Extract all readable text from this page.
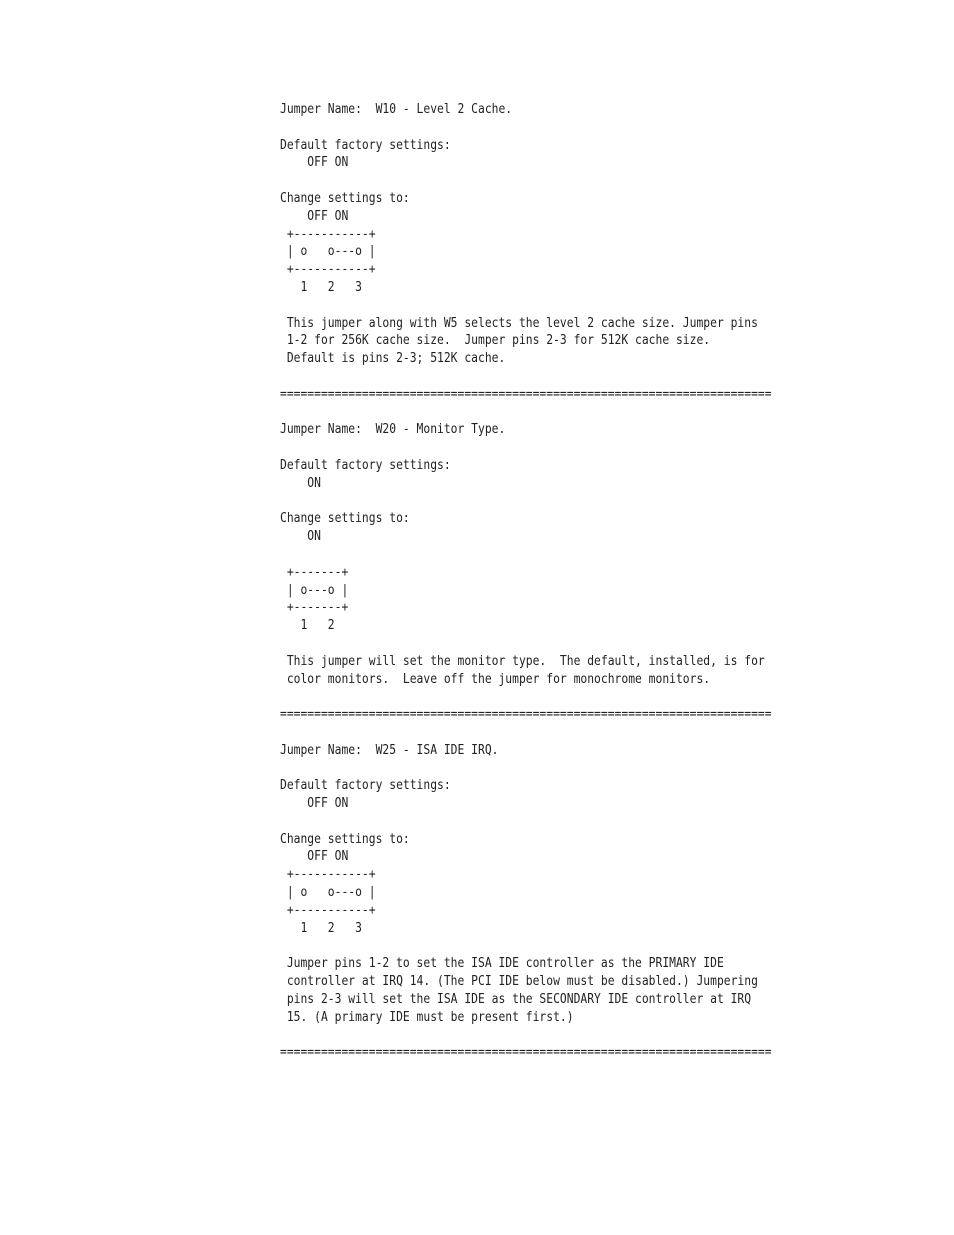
Jumper Name:  W10 - Level 2 Cache.
Default factory settings:
OFF ON
Change settings to:
OFF ON
+-----------+
| o   o---o |
+-----------+
1   2   3
This jumper along with W5 selects the level 2 cache size. Jumper pins
1-2 for 256K cache size.  Jumper pins 2-3 for 512K cache size.
Default is pins 2-3; 512K cache.
========================================================================
Jumper Name:  W20 - Monitor Type.
Default factory settings:
ON
Change settings to:
ON
+-------+
| o---o |
+-------+
1   2
This jumper will set the monitor type.  The default, installed, is for
color monitors.  Leave off the jumper for monochrome monitors.
========================================================================
Jumper Name:  W25 - ISA IDE IRQ.
Default factory settings:
OFF ON
Change settings to:
OFF ON
+-----------+
| o   o---o |
+-----------+
1   2   3
Jumper pins 1-2 to set the ISA IDE controller as the PRIMARY IDE
controller at IRQ 14. (The PCI IDE below must be disabled.) Jumpering
pins 2-3 will set the ISA IDE as the SECONDARY IDE controller at IRQ
15. (A primary IDE must be present first.)
========================================================================
